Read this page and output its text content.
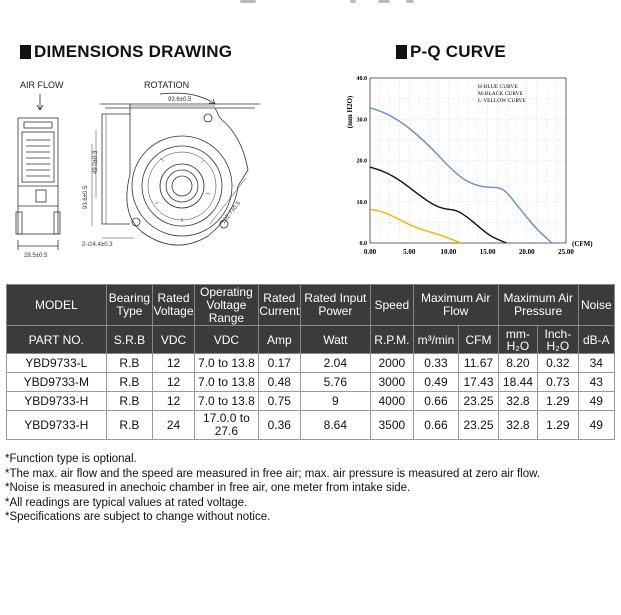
DIMENSIONS DRAWING	P-Q CURVE
AIR FLOW	ROTATION
29.5±0.5
93.6±0.5
93.6±0.5
49.0±0.3
102.7±0.5
2-∅4.4±0.3
0.00	5.00	10.00	15.00	20.00	25.00
0.0
10.0
20.0
30.0
40.0
H-BLUE CURVE
M-BLACK CURVE
L-YELLOW CURVE
(mm H2O)
(CFM)
MODEL	Bearing Type	Rated Voltage	Operating Voltage Range	Rated Current	Rated Input Power	Speed	Maximum Air Flow		Maximum Air Pressure		Noise
PART NO.	S.R.B	VDC	VDC	Amp	Watt	R.P.M.	m³/min	CFM	mm-H₂O	Inch-H₂O	dB-A
YBD9733-L	R.B	12	7.0 to 13.8	0.17	2.04	2000	0.33	11.67	8.20	0.32	34
YBD9733-M	R.B	12	7.0 to 13.8	0.48	5.76	3000	0.49	17.43	18.44	0.73	43
YBD9733-H	R.B	12	7.0 to 13.8	0.75	9	4000	0.66	23.25	32.8	1.29	49
YBD9733-H	R.B	24	17.0.0 to 27.6	0.36	8.64	3500	0.66	23.25	32.8	1.29	49
*Function type is optional.
*The max. air flow and the speed are measured in free air; max. air pressure is measured at zero air flow.
*Noise is measured in anechoic chamber in free air, one meter from intake side.
*All readings are typical values at rated voltage.
*Specifications are subject to change without notice.
